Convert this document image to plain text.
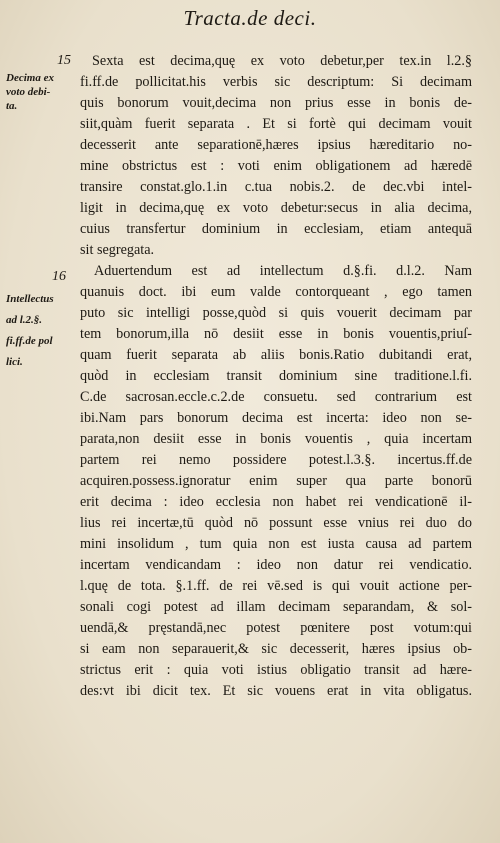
Tracta.de deci.
15
16
Decima ex
voto debi-
ta.
Intellectus
ad l.2.§.
fi.ff.de pol
lici.
Sexta est decima,quę ex voto debetur,per tex.in l.2.§
fi.ff.de pollicitat.his verbis sic descriptum: Si decimam
quis bonorum vouit,decima non prius esse in bonis de-
siit,quàm fuerit separata . Et si fortè qui decimam vouit
decesserit ante separationē,hæres ipsius hæreditario no-
mine obstrictus est : voti enim obligationem ad hæredē
transire constat.glo.1.in c.tua nobis.2. de dec.vbi intel-
ligit in decima,quę ex voto debetur:secus in alia decima,
cuius transfertur dominium in ecclesiam, etiam antequā
sit segregata.
Aduertendum est ad intellectum d.§.fi. d.l.2. Nam
quanuis doct. ibi eum valde contorqueant , ego tamen
puto sic intelligi posse,quòd si quis vouerit decimam par
tem bonorum,illa nō desiit esse in bonis vouentis,priuſ-
quam fuerit separata ab aliis bonis.Ratio dubitandi erat,
quòd in ecclesiam transit dominium sine traditione.l.fi.
C.de sacrosan.eccle.c.2.de consuetu. sed contrarium est
ibi.Nam pars bonorum decima est incerta: ideo non se-
parata,non desiit esse in bonis vouentis , quia incertam
partem rei nemo possidere potest.l.3.§. incertus.ff.de
acquiren.possess.ignoratur enim super qua parte bonorū
erit decima : ideo ecclesia non habet rei vendicationē il-
lius rei incertæ,tū quòd nō possunt esse vnius rei duo do
mini insolidum , tum quia non est iusta causa ad partem
incertam vendicandam : ideo non datur rei vendicatio.
l.quę de tota. §.1.ff. de rei vē.sed is qui vouit actione per-
sonali cogi potest ad illam decimam separandam, & sol-
uendā,& pręstandā,nec potest pœnitere post votum:qui
si eam non separauerit,& sic decesserit, hæres ipsius ob-
strictus erit : quia voti istius obligatio transit ad hære-
des:vt ibi dicit tex. Et sic vouens erat in vita obligatus.
